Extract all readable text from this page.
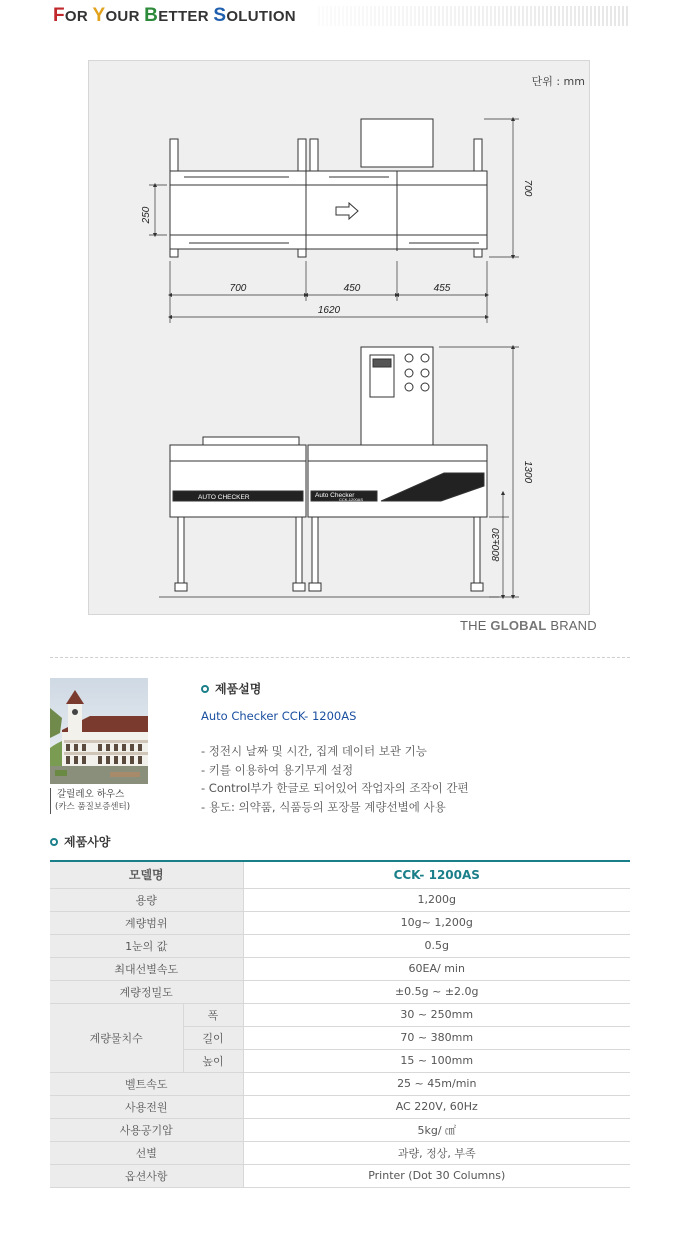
FOR YOUR BETTER SOLUTION
단위 : mm
250
700
700	450	455
1620
1300
800±30
AUTO CHECKER	Auto Checker
CCK-1200AS
THE GLOBAL BRAND
갈릴레오 하우스
(카스 품질보증센터)
제품설명
Auto Checker CCK- 1200AS
- 정전시 날짜 및 시간, 집계 데이터 보관 기능
- 키를 이용하여 용기무게 설정
- Control부가 한글로 되어있어 작업자의 조작이 간편
- 용도: 의약품, 식품등의 포장물 계량선별에 사용
제품사양
모델명		CCK- 1200AS
용량		1,200g
계량범위		10g~ 1,200g
1눈의 값		0.5g
최대선별속도		60EA/ min
계량정밀도		±0.5g ~ ±2.0g
계량물치수	폭	30 ~ 250mm
	길이	70 ~ 380mm
	높이	15 ~ 100mm
벨트속도		25 ~ 45m/min
사용전원		AC 220V, 60Hz
사용공기압		5kg/ ㎠
선별		과량, 정상, 부족
옵션사항		Printer (Dot 30 Columns)
